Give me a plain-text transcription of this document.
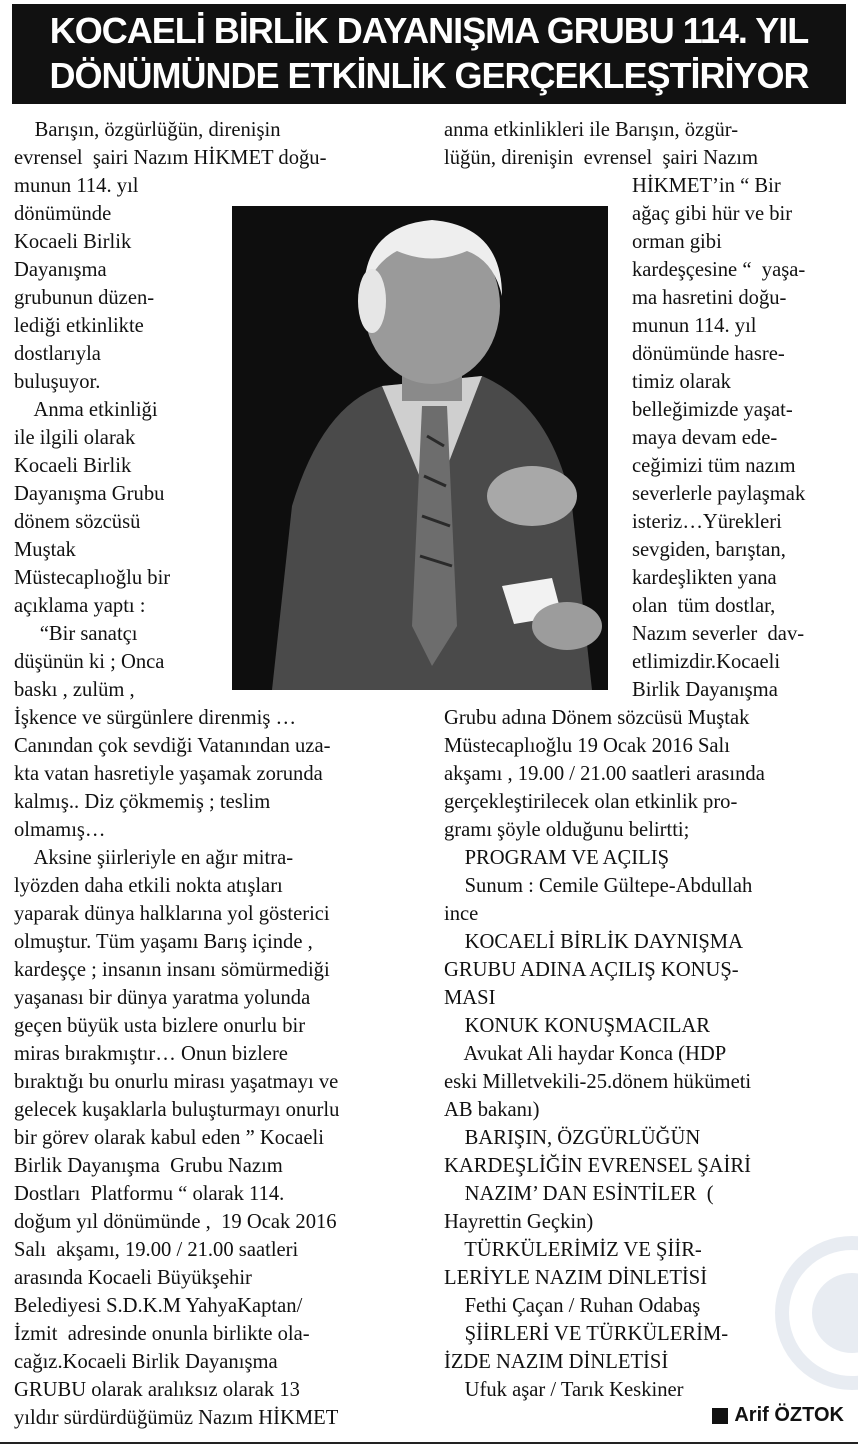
KOCAELİ BİRLİK DAYANIŞMA GRUBU 114. YIL
DÖNÜMÜNDE ETKİNLİK GERÇEKLEŞTİRİYOR
Barışın, özgürlüğün, direnişin
evrensel  şairi Nazım HİKMET doğu-
munun 114. yıl
dönümünde
Kocaeli Birlik
Dayanışma
grubunun düzen-
lediği etkinlikte
dostlarıyla
buluşuyor.
Anma etkinliği
ile ilgili olarak
Kocaeli Birlik
Dayanışma Grubu
dönem sözcüsü
Muştak
Müstecaplıoğlu bir
açıklama yaptı :
“Bir sanatçı
düşünün ki ; Onca
baskı , zulüm ,
İşkence ve sürgünlere direnmiş …
Canından çok sevdiği Vatanından uza-
kta vatan hasretiyle yaşamak zorunda
kalmış.. Diz çökmemiş ; teslim
olmamış…
Aksine şiirleriyle en ağır mitra-
lyözden daha etkili nokta atışları
yaparak dünya halklarına yol gösterici
olmuştur. Tüm yaşamı Barış içinde ,
kardeşçe ; insanın insanı sömürmediği
yaşanası bir dünya yaratma yolunda
geçen büyük usta bizlere onurlu bir
miras bırakmıştır… Onun bizlere
bıraktığı bu onurlu mirası yaşatmayı ve
gelecek kuşaklarla buluşturmayı onurlu
bir görev olarak kabul eden ” Kocaeli
Birlik Dayanışma  Grubu Nazım
Dostları  Platformu “ olarak 114.
doğum yıl dönümünde ,  19 Ocak 2016
Salı  akşamı, 19.00 / 21.00 saatleri
arasında Kocaeli Büyükşehir
Belediyesi S.D.K.M YahyaKaptan/
İzmit  adresinde onunla birlikte ola-
cağız.Kocaeli Birlik Dayanışma
GRUBU olarak aralıksız olarak 13
yıldır sürdürdüğümüz Nazım HİKMET
anma etkinlikleri ile Barışın, özgür-
lüğün, direnişin  evrensel  şairi Nazım
HİKMET’in “ Bir
ağaç gibi hür ve bir
orman gibi
kardeşçesine “  yaşa-
ma hasretini doğu-
munun 114. yıl
dönümünde hasre-
timiz olarak
belleğimizde yaşat-
maya devam ede-
ceğimizi tüm nazım
severlerle paylaşmak
isteriz…Yürekleri
sevgiden, barıştan,
kardeşlikten yana
olan  tüm dostlar,
Nazım severler  dav-
etlimizdir.Kocaeli
Birlik Dayanışma
Grubu adına Dönem sözcüsü Muştak
Müstecaplıoğlu 19 Ocak 2016 Salı
akşamı , 19.00 / 21.00 saatleri arasında
gerçekleştirilecek olan etkinlik pro-
gramı şöyle olduğunu belirtti;
PROGRAM VE AÇILIŞ
Sunum : Cemile Gültepe-Abdullah
ince
KOCAELİ BİRLİK DAYNIŞMA
GRUBU ADINA AÇILIŞ KONUŞ-
MASI
KONUK KONUŞMACILAR
Avukat Ali haydar Konca (HDP
eski Milletvekili-25.dönem hükümeti
AB bakanı)
BARIŞIN, ÖZGÜRLÜĞÜN
KARDEŞLİĞİN EVRENSEL ŞAİRİ
NAZIM’ DAN ESİNTİLER  (
Hayrettin Geçkin)
TÜRKÜLERİMİZ VE ŞİİR-
LERİYLE NAZIM DİNLETİSİ
Fethi Çaçan / Ruhan Odabaş
ŞİİRLERİ VE TÜRKÜLERİM-
İZDE NAZIM DİNLETİSİ
Ufuk aşar / Tarık Keskiner
Arif ÖZTOK
